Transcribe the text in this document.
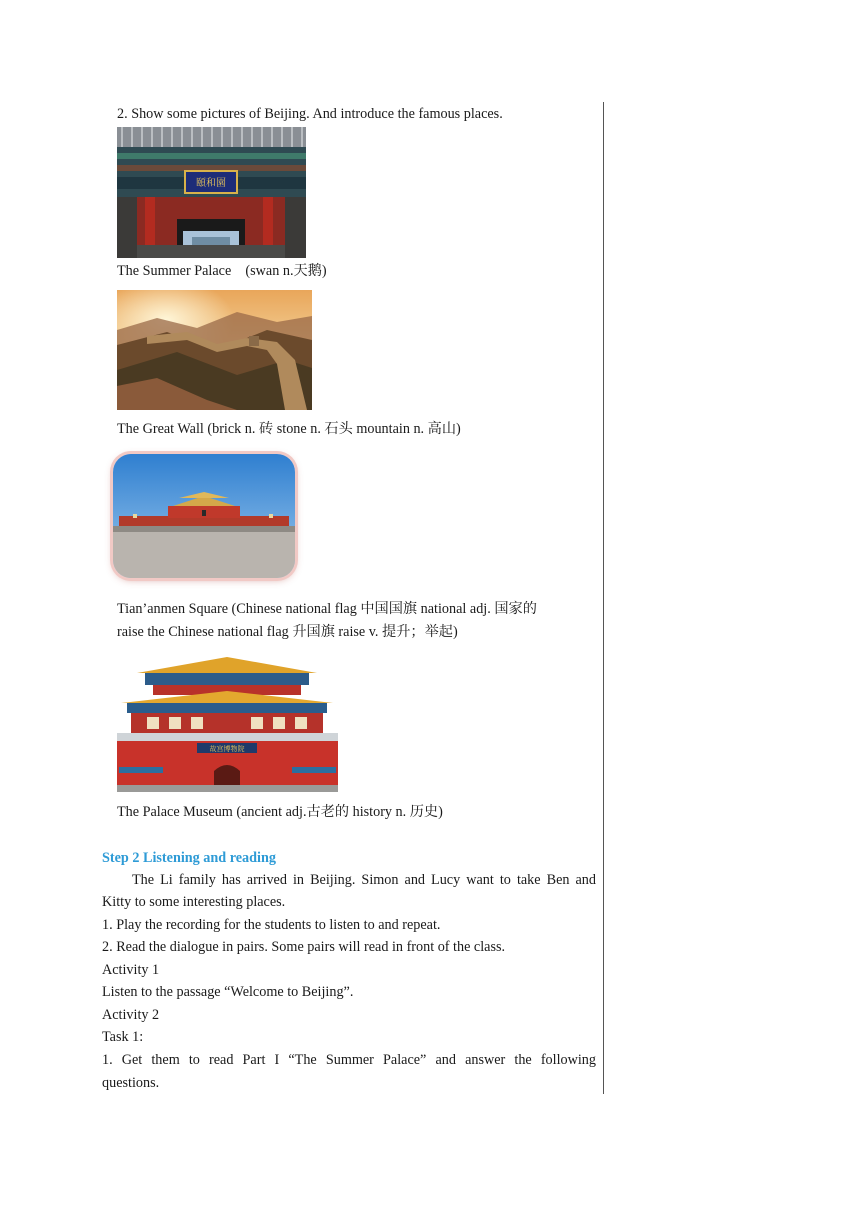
2. Show some pictures of Beijing. And introduce the famous places.
頤和園
The Summer Palace　(swan n.天鹅)
The Great Wall (brick n. 砖 stone n. 石头 mountain n. 高山)
Tian’anmen Square (Chinese national flag 中国国旗 national adj. 国家的
raise the Chinese national flag 升国旗 raise v. 提升；举起)
故宫博物院
The Palace Museum (ancient adj.古老的 history n. 历史)
Step 2 Listening and reading
The Li family has arrived in Beijing. Simon and Lucy want to take Ben and
Kitty to some interesting places.
1. Play the recording for the students to listen to and repeat.
2. Read the dialogue in pairs. Some pairs will read in front of the class.
Activity 1
Listen to the passage “Welcome to Beijing”.
Activity 2
Task 1:
1. Get them to read Part I “The Summer Palace” and answer the following
questions.
